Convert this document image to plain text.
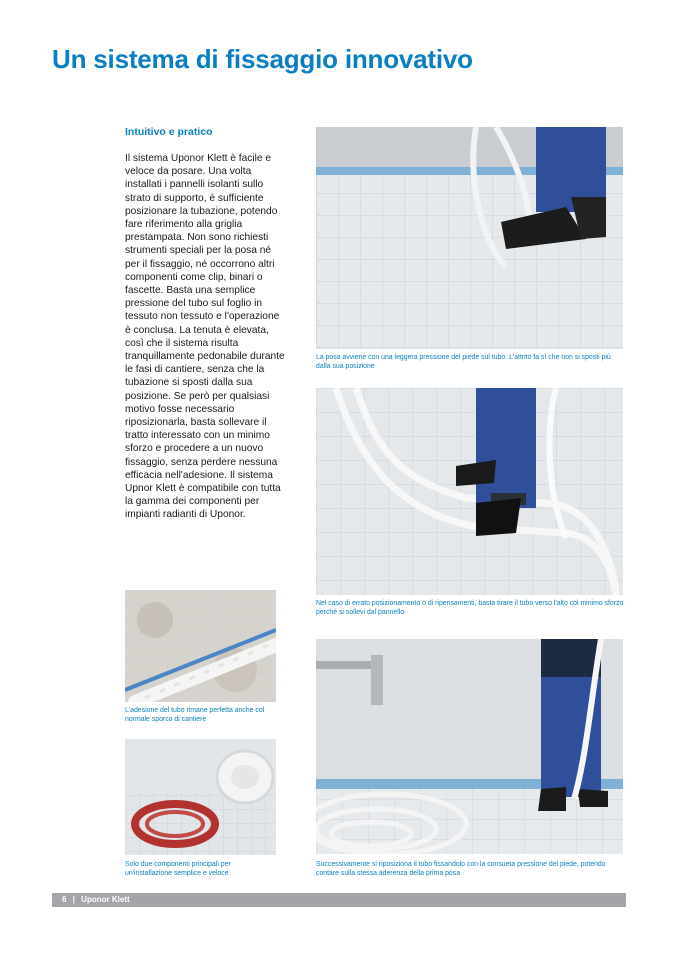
Un sistema di fissaggio innovativo
Intuitivo e pratico
Il sistema Uponor Klett è facile e veloce da posare. Una volta installati i pannelli isolanti sullo strato di supporto, è sufficiente posizionare la tubazione, potendo fare riferimento alla griglia prestampata. Non sono richiesti strumenti speciali per la posa né per il fissaggio, né occorrono altri componenti come clip, binari o fascette. Basta una semplice pressione del tubo sul foglio in tessuto non tessuto e l'operazione è conclusa. La tenuta è elevata, così che il sistema risulta tranquillamente pedonabile durante le fasi di cantiere, senza che la tubazione si sposti dalla sua posizione. Se però per qualsiasi motivo fosse necessario riposizionarla, basta sollevare il tratto interessato con un minimo sforzo e procedere a un nuovo fissaggio, senza perdere nessuna efficacia nell'adesione. Il sistema Upnor Klett è compatibile con tutta la gamma dei componenti per impianti radianti di Uponor.
La posa avviene con una leggera pressione del piede sul tubo. L'attrito fa sì che non si sposti più dalla sua posizione
Nel caso di errato posizionamento o di ripensamenti, basta tirare il tubo verso l'alto col minimo sforzo perché si sollevi dal pannello
L'adesione del tubo rimane perfetta anche col normale sporco di cantiere
Solo due componenti principali per un'installazione semplice e veloce
Successivamente si riposiziona il tubo fissandolo con la consueta pressione del piede, potendo contare sulla stessa aderenza della prima posa
6 | Uponor Klett
